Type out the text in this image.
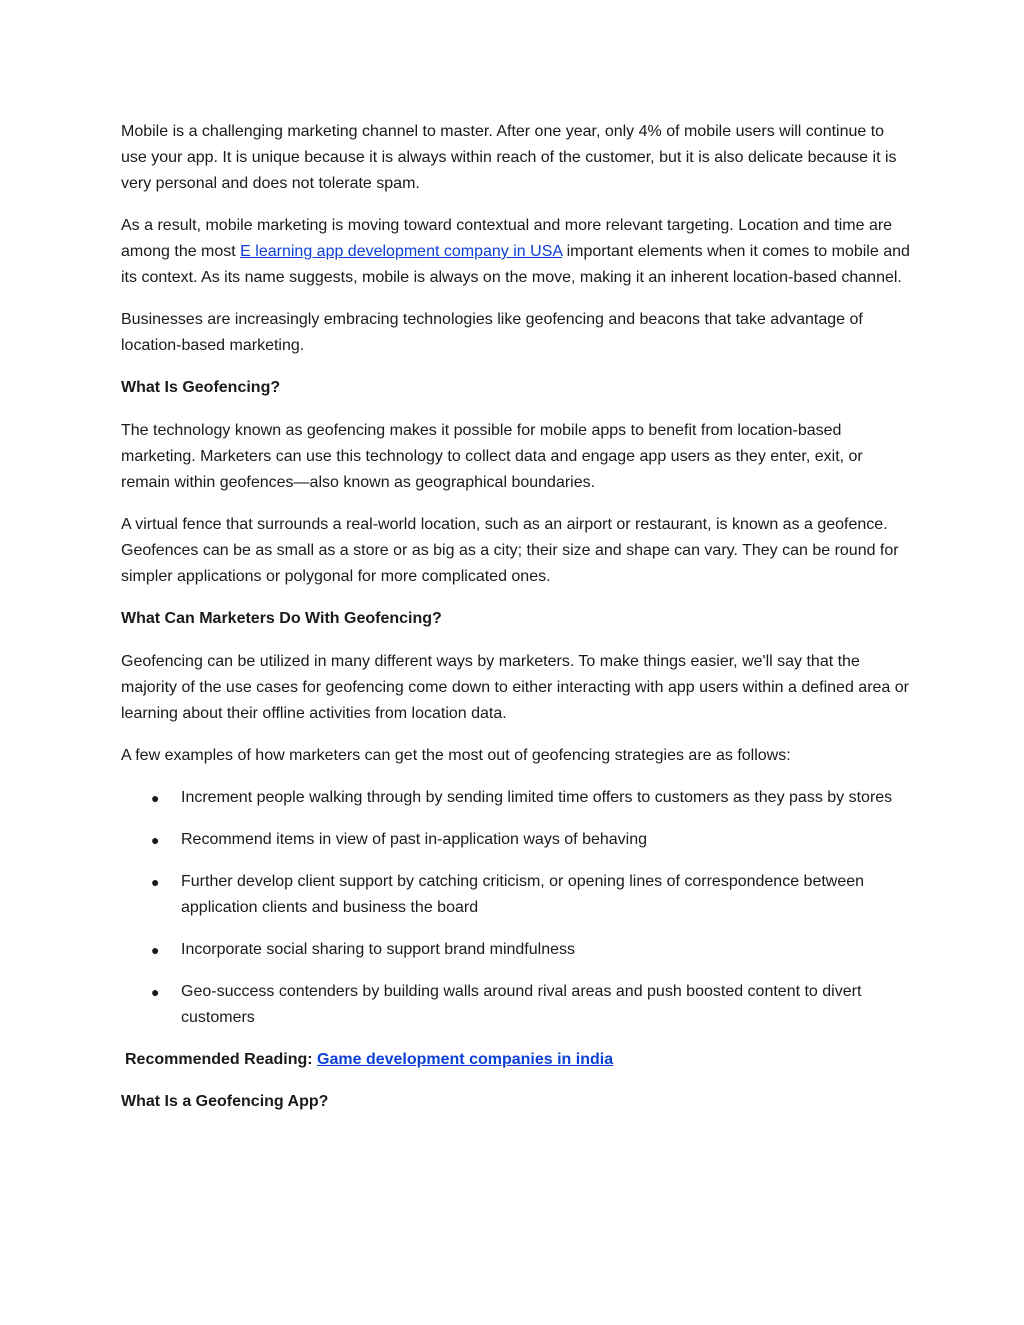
Mobile is a challenging marketing channel to master. After one year, only 4% of mobile users will continue to use your app. It is unique because it is always within reach of the customer, but it is also delicate because it is very personal and does not tolerate spam.

As a result, mobile marketing is moving toward contextual and more relevant targeting. Location and time are among the most E learning app development company in USA important elements when it comes to mobile and its context. As its name suggests, mobile is always on the move, making it an inherent location-based channel.

Businesses are increasingly embracing technologies like geofencing and beacons that take advantage of location-based marketing.

What Is Geofencing?

The technology known as geofencing makes it possible for mobile apps to benefit from location-based marketing. Marketers can use this technology to collect data and engage app users as they enter, exit, or remain within geofences—also known as geographical boundaries.

A virtual fence that surrounds a real-world location, such as an airport or restaurant, is known as a geofence. Geofences can be as small as a store or as big as a city; their size and shape can vary. They can be round for simpler applications or polygonal for more complicated ones.

What Can Marketers Do With Geofencing?

Geofencing can be utilized in many different ways by marketers. To make things easier, we'll say that the majority of the use cases for geofencing come down to either interacting with app users within a defined area or learning about their offline activities from location data.

A few examples of how marketers can get the most out of geofencing strategies are as follows:

● Increment people walking through by sending limited time offers to customers as they pass by stores
● Recommend items in view of past in-application ways of behaving
● Further develop client support by catching criticism, or opening lines of correspondence between application clients and business the board
● Incorporate social sharing to support brand mindfulness
● Geo-success contenders by building walls around rival areas and push boosted content to divert customers

Recommended Reading: Game development companies in india

What Is a Geofencing App?
